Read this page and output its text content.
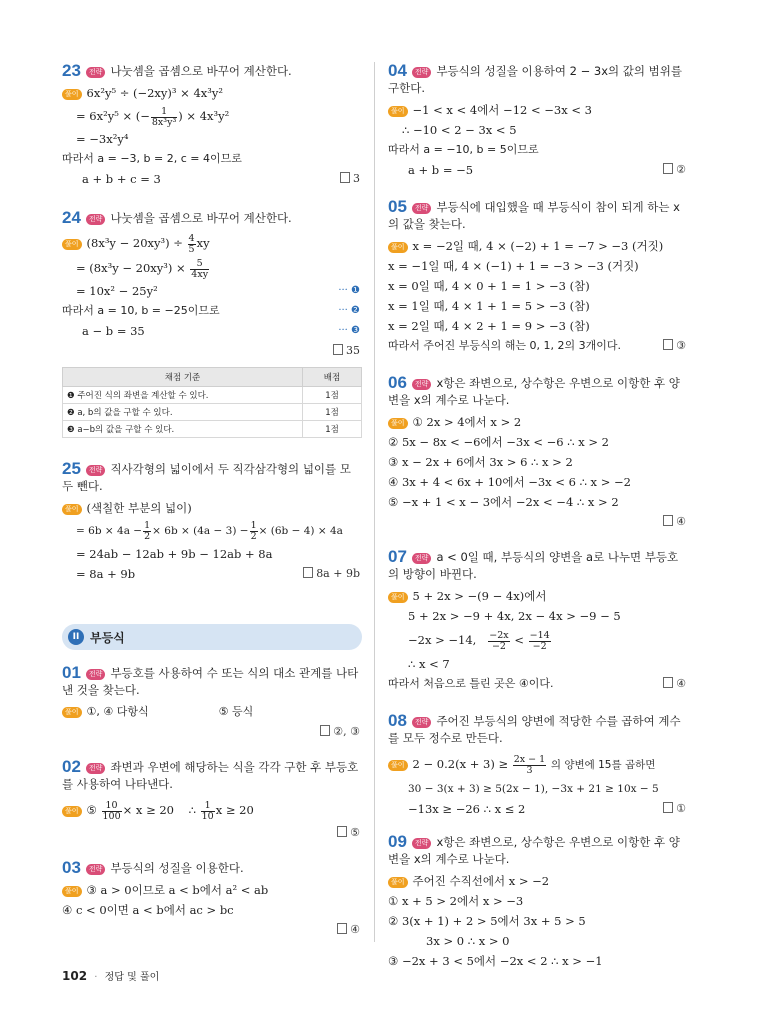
23 전략 나눗셈을 곱셈으로 바꾸어 계산한다.
풀이 6x²y⁵ ÷ (−2xy)³ × 4x³y²
= 6x²y⁵ × (− $\frac{1}{\text{8x³y³}}$ ) × 4x³y²
= −3x²y⁴
따라서 a = −3, b = 2, c = 4이므로
a + b + c = 3	3
24 전략 나눗셈을 곱셈으로 바꾸어 계산한다.
풀이 $(8x^3y - 20xy^3) \div \frac{4}{5}$ xy
= $(8x^3y - 20xy^3) \times \frac{5}{4xy}$
= 10x² − 25y²	··· ❶
따라서 a = 10, b = −25이므로	··· ❷
a − b = 35	··· ❸
35
채점 기준	배점
❶ 주어진 식의 좌변을 계산할 수 있다.	1점
❷ a, b의 값을 구할 수 있다.	1점
❸ a−b의 값을 구할 수 있다.	1점
25 전략 직사각형의 넓이에서 두 직각삼각형의 넓이를 모두 뺀다.
풀이 (색칠한 부분의 넓이)
= $6b \times 4a - \frac{1}{2} \times 6b \times (4a - 3) - \frac{1}{2} \times (6b - 4) \times 4a$
= 24ab − 12ab + 9b − 12ab + 8a
= 8a + 9b	8a + 9b
II 부등식
01 전략 부등호를 사용하여 수 또는 식의 대소 관계를 나타낸 것을 찾는다.
풀이 ①, ④ 다항식	⑤ 등식
②, ③
02 전략 좌변과 우변에 해당하는 식을 각각 구한 후 부등호를 사용하여 나타낸다.
풀이 ⑤ $\frac{10}{100} \times x \ge 20$ ∴ $\frac{1}{10}$ x ≥ 20
⑤
03 전략 부등식의 성질을 이용한다.
풀이 ③ a > 0이므로 a < b에서 a² < ab
④ c < 0이면 a < b에서 ac > bc
④
04 전략 부등식의 성질을 이용하여 2 − 3x의 값의 범위를 구한다.
풀이 −1 < x < 4에서 −12 < −3x < 3
∴ −10 < 2 − 3x < 5
따라서 a = −10, b = 5이므로
a + b = −5	②
05 전략 부등식에 대입했을 때 부등식이 참이 되게 하는 x의 값을 찾는다.
풀이 x = −2일 때, 4 × (−2) + 1 = −7 > −3 (거짓)
x = −1일 때, 4 × (−1) + 1 = −3 > −3 (거짓)
x = 0일 때, 4 × 0 + 1 = 1 > −3 (참)
x = 1일 때, 4 × 1 + 1 = 5 > −3 (참)
x = 2일 때, 4 × 2 + 1 = 9 > −3 (참)
따라서 주어진 부등식의 해는 0, 1, 2의 3개이다.	③
06 전략 x항은 좌변으로, 상수항은 우변으로 이항한 후 양변을 x의 계수로 나눈다.
풀이 ① 2x > 4에서 x > 2
② 5x − 8x < −6에서 −3x < −6 ∴ x > 2
③ x − 2x + 6에서 3x > 6 ∴ x > 2
④ 3x + 4 < 6x + 10에서 −3x < 6 ∴ x > −2
⑤ −x + 1 < x − 3에서 −2x < −4 ∴ x > 2
④
07 전략 a < 0일 때, 부등식의 양변을 a로 나누면 부등호의 방향이 바뀐다.
풀이 5 + 2x > −(9 − 4x)에서
5 + 2x > −9 + 4x, 2x − 4x > −9 − 5
−2x > −14, $\frac{-2x}{-2} < \frac{-14}{-2}$
∴ x < 7
따라서 처음으로 틀린 곳은 ④이다.	④
08 전략 주어진 부등식의 양변에 적당한 수를 곱하여 계수를 모두 정수로 만든다.
풀이 $2 - 0.2(x + 3) \ge \frac{2x - 1}{3}$ 의 양변에 15를 곱하면
30 − 3(x + 3) ≥ 5(2x − 1), −3x + 21 ≥ 10x − 5
−13x ≥ −26 ∴ x ≤ 2	①
09 전략 x항은 좌변으로, 상수항은 우변으로 이항한 후 양변을 x의 계수로 나눈다.
풀이 주어진 수직선에서 x > −2
① x + 5 > 2에서 x > −3
② 3(x + 1) + 2 > 5에서 3x + 5 > 5
3x > 0 ∴ x > 0
③ −2x + 3 < 5에서 −2x < 2 ∴ x > −1
102 · 정답 및 풀이
